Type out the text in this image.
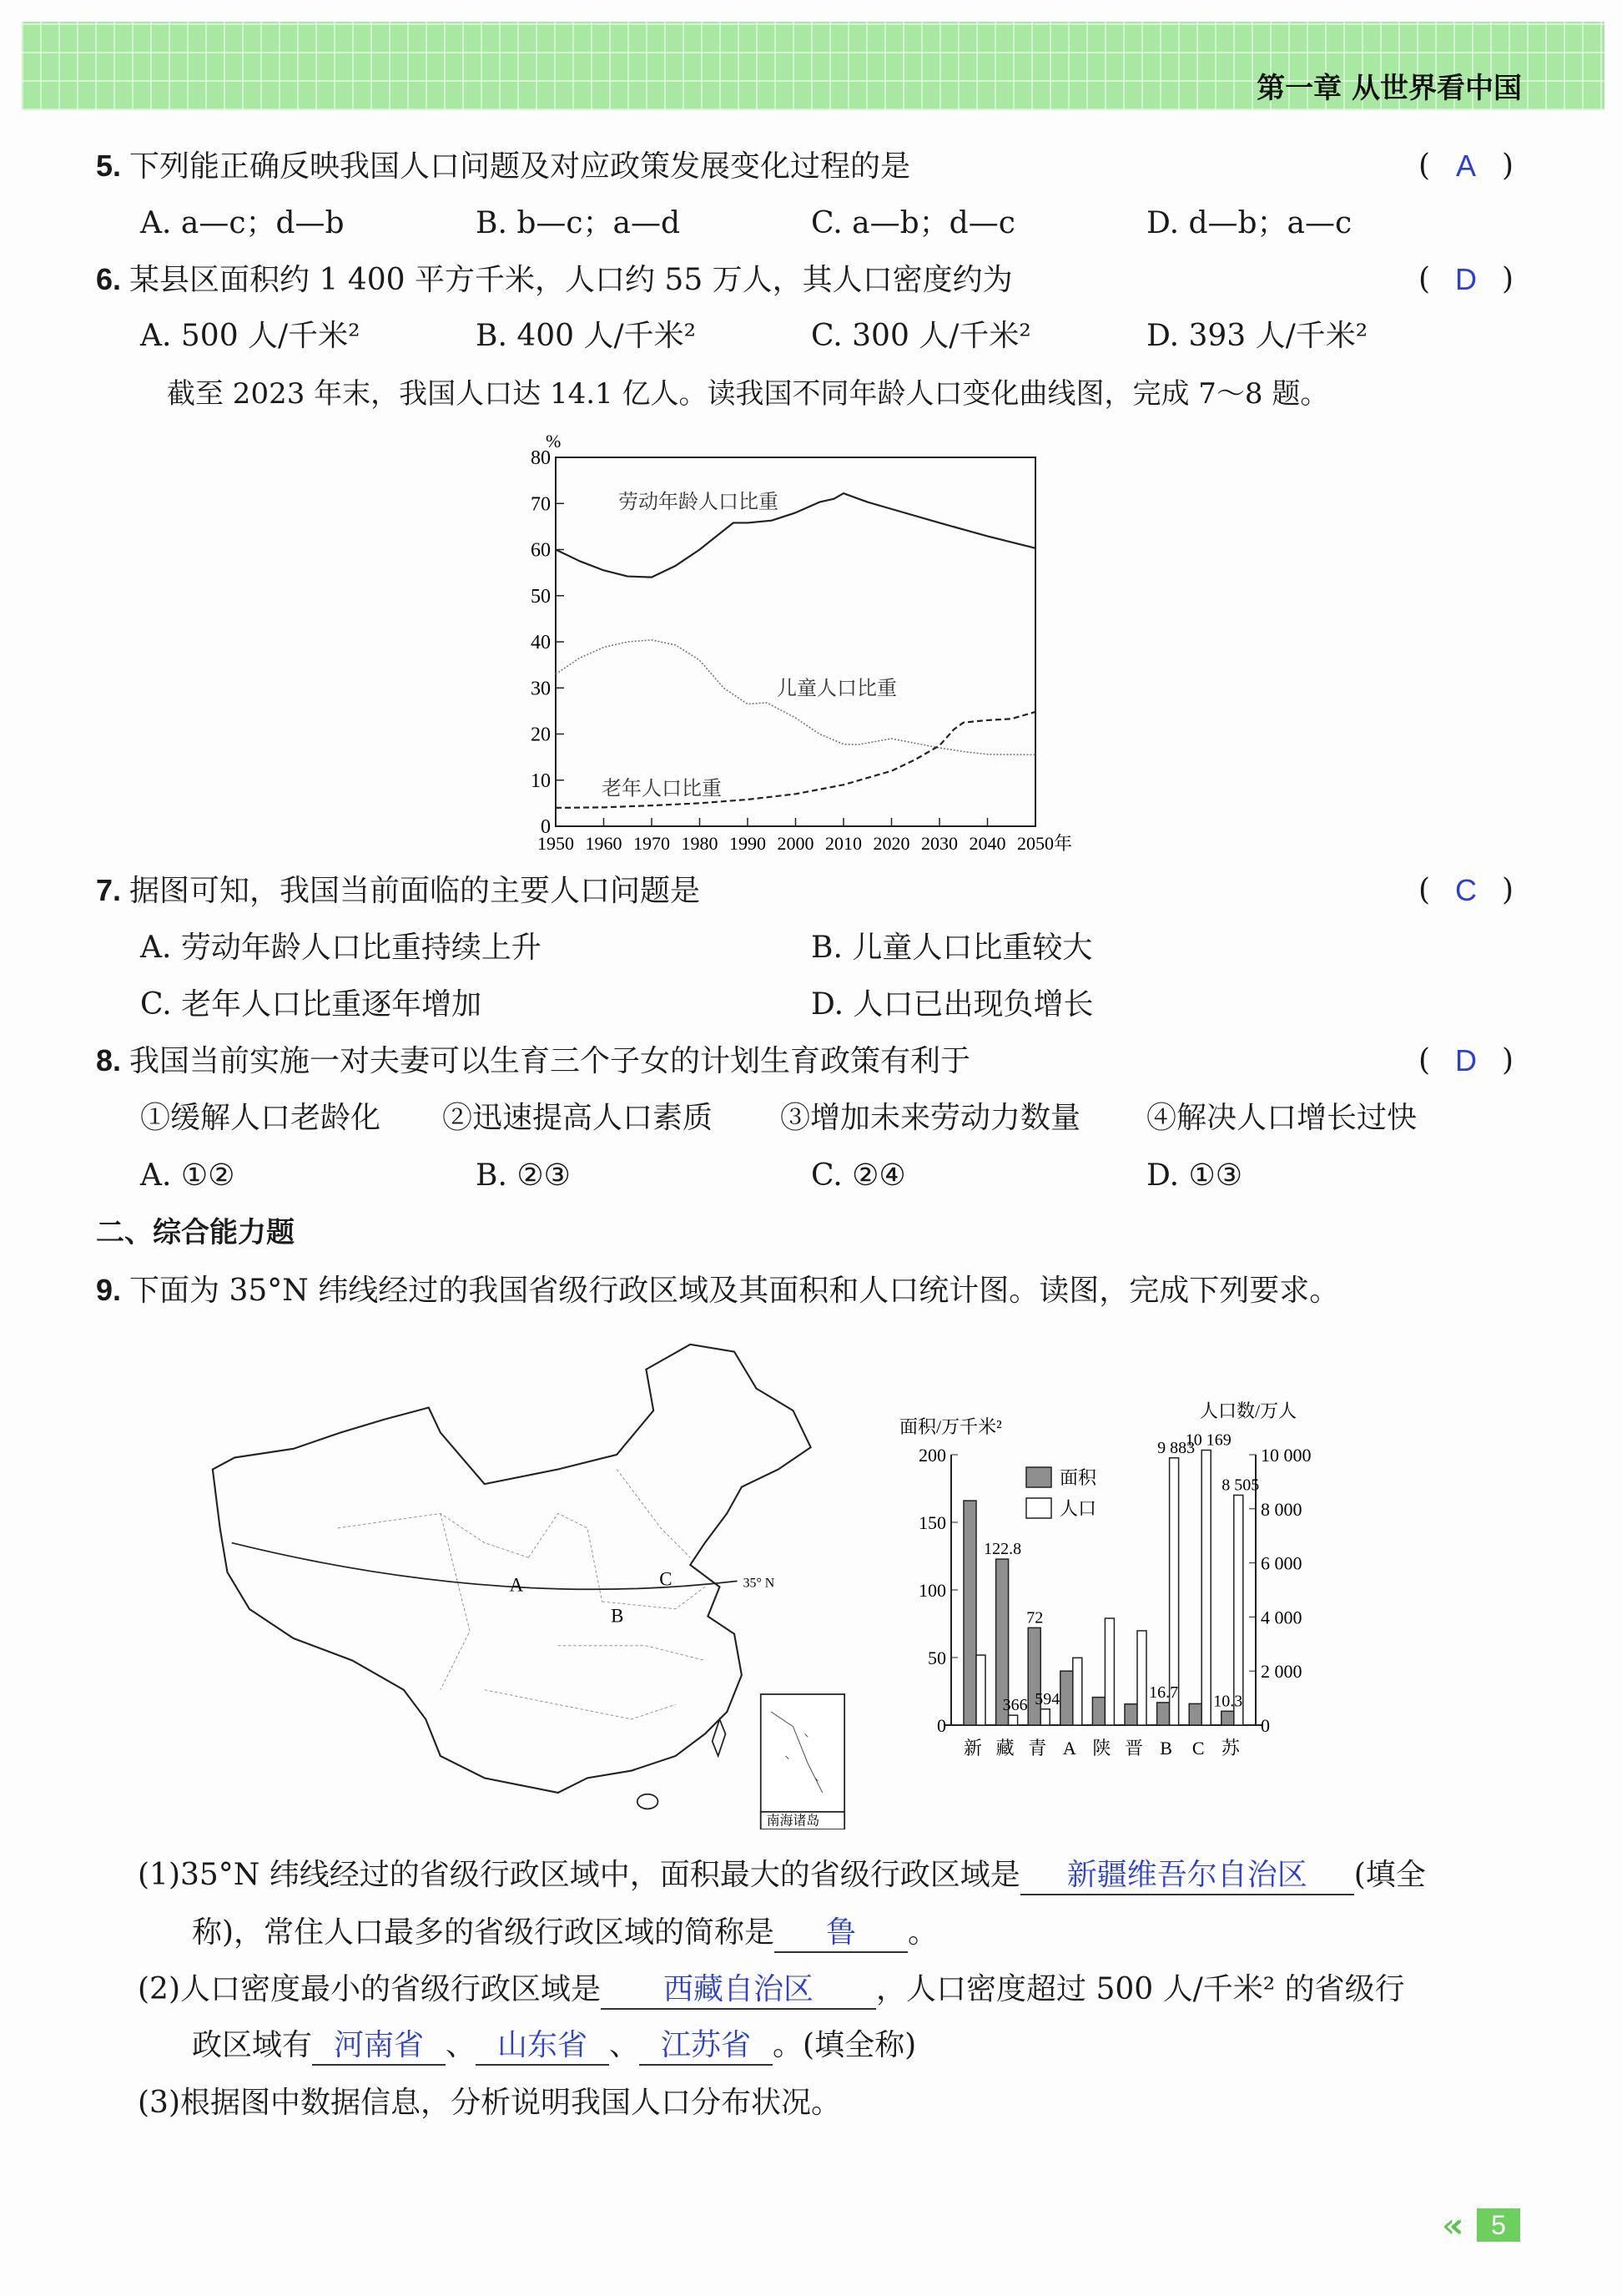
第一章 从世界看中国
5. 下列能正确反映我国人口问题及对应政策发展变化过程的是	( A )
A. a—c；d—b	B. b—c；a—d	C. a—b；d—c	D. d—b；a—c
6. 某县区面积约 1 400 平方千米，人口约 55 万人，其人口密度约为	( D )
A. 500 人/千米²	B. 400 人/千米²	C. 300 人/千米²	D. 393 人/千米²
截至 2023 年末，我国人口达 14.1 亿人。读我国不同年龄人口变化曲线图，完成 7～8 题。
%
0
10
20
30
40
50
60
70
80
1950 1960 1970 1980 1990 2000 2010 2020 2030 2040 2050 年
劳动年龄人口比重
儿童人口比重
老年人口比重
7. 据图可知，我国当前面临的主要人口问题是	( C )
A. 劳动年龄人口比重持续上升	B. 儿童人口比重较大
C. 老年人口比重逐年增加	D. 人口已出现负增长
8. 我国当前实施一对夫妻可以生育三个子女的计划生育政策有利于	( D )
①缓解人口老龄化 ②迅速提高人口素质 ③增加未来劳动力数量 ④解决人口增长过快
A. ①②	B. ②③	C. ②④	D. ①③
二、综合能力题
9. 下面为 35°N 纬线经过的我国省级行政区域及其面积和人口统计图。读图，完成下列要求。
35° N
A
B
C
南海诸岛
面积/万千米²
人口数/万人
0
50
100
150
200
0
2 000
4 000
6 000
8 000
10 000
新
122.8
366
藏
72
594
青 A 陕 晋
16.7
9 883
B
10 169
C
10.3
8 505
苏
面积
人口
(1)35°N 纬线经过的省级行政区域中，面积最大的省级行政区域是 新疆维吾尔自治区 (填全
称)，常住人口最多的省级行政区域的简称是 鲁 。
(2)人口密度最小的省级行政区域是 西藏自治区 ，人口密度超过 500 人/千米² 的省级行
政区域有 河南省 、 山东省 、 江苏省 。(填全称)
(3)根据图中数据信息，分析说明我国人口分布状况。
«‹	5
